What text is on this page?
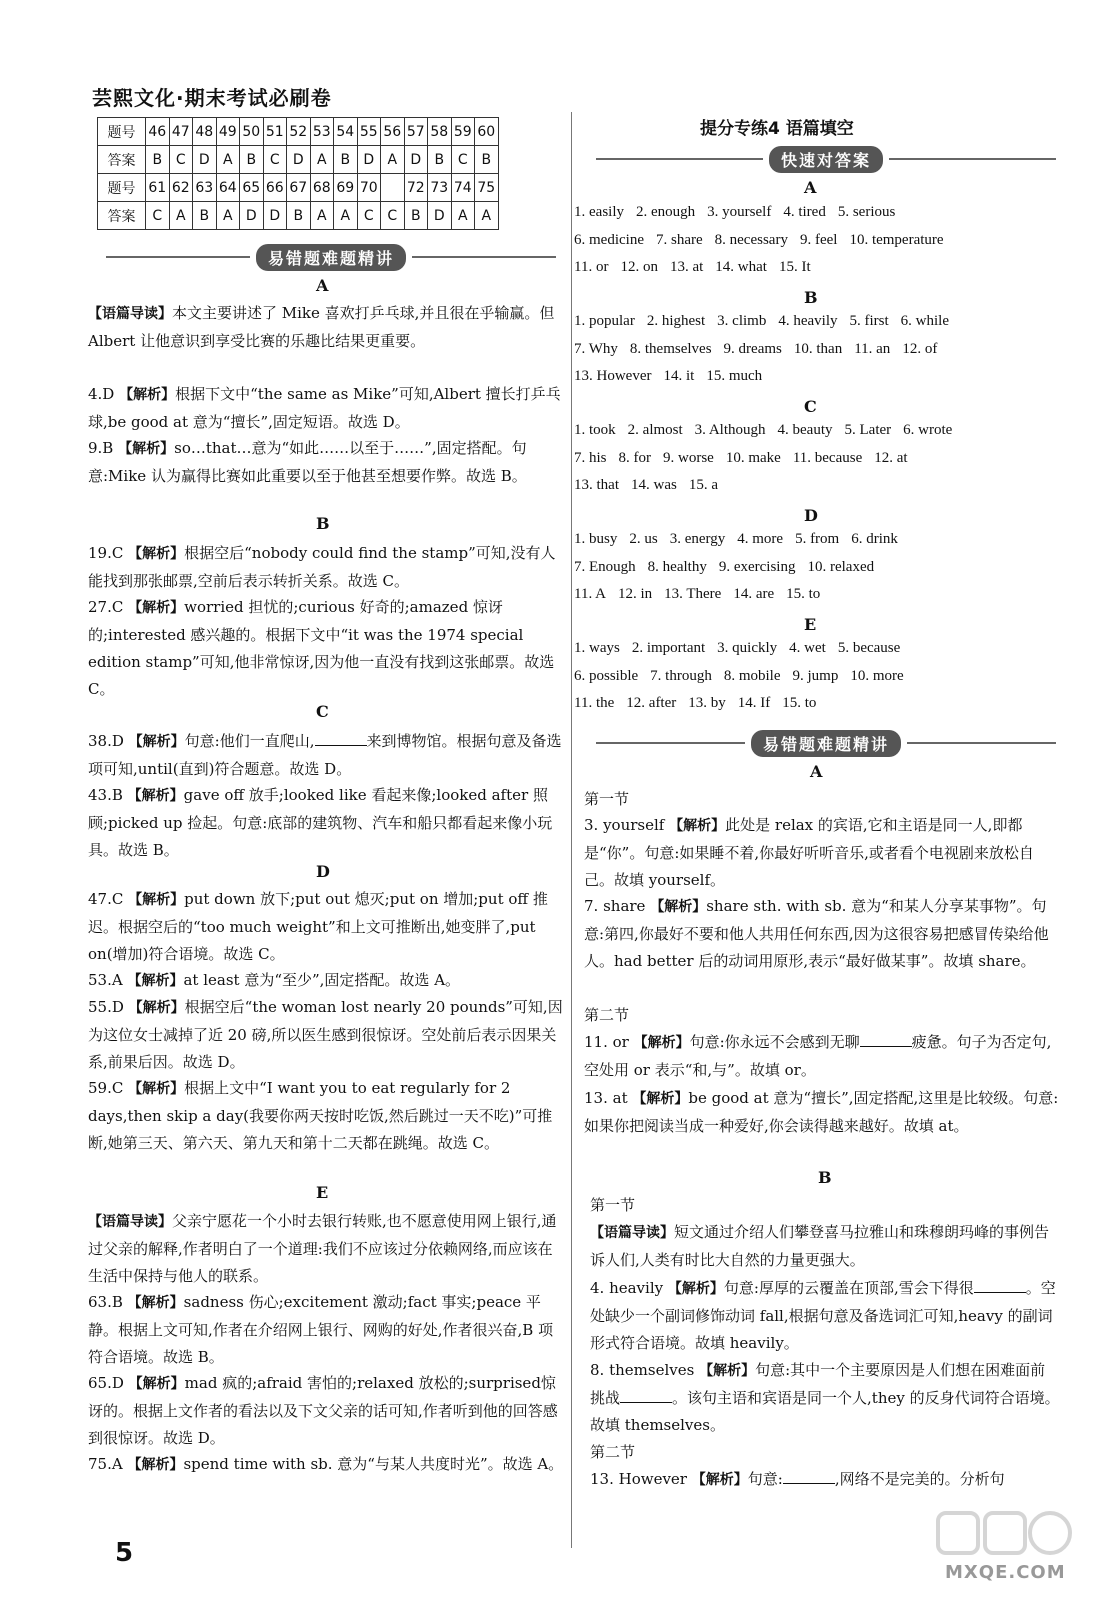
芸熙文化·期末考试必刷卷
题号	46	47	48	49	50	51	52	53	54	55	56	57	58	59	60
答案	B	C	D	A	B	C	D	A	B	D	A	D	B	C	B
题号	61	62	63	64	65	66	67	68	69	70		72	73	74	75
答案	C	A	B	A	D	D	B	A	A	C	C	B	D	A	A
易错题难题精讲
A
【语篇导读】本文主要讲述了 Mike 喜欢打乒乓球,并且很在乎输赢。但 Albert 让他意识到享受比赛的乐趣比结果更重要。
4.D 【解析】根据下文中“the same as Mike”可知,Albert 擅长打乒乓球,be good at 意为“擅长”,固定短语。故选 D。
9.B 【解析】so…that…意为“如此……以至于……”,固定搭配。句意:Mike 认为赢得比赛如此重要以至于他甚至想要作弊。故选 B。
B
19.C 【解析】根据空后“nobody could find the stamp”可知,没有人能找到那张邮票,空前后表示转折关系。故选 C。
27.C 【解析】worried 担忧的;curious 好奇的;amazed 惊讶的;interested 感兴趣的。根据下文中“it was the 1974 special edition stamp”可知,他非常惊讶,因为他一直没有找到这张邮票。故选 C。
C
38.D 【解析】句意:他们一直爬山,	来到博物馆。根据句意及备选项可知,until(直到)符合题意。故选 D。
43.B 【解析】gave off 放手;looked like 看起来像;looked after 照顾;picked up 捡起。句意:底部的建筑物、汽车和船只都看起来像小玩具。故选 B。
D
47.C 【解析】put down 放下;put out 熄灭;put on 增加;put off 推迟。根据空后的“too much weight”和上文可推断出,她变胖了,put on(增加)符合语境。故选 C。
53.A 【解析】at least 意为“至少”,固定搭配。故选 A。
55.D 【解析】根据空后“the woman lost nearly 20 pounds”可知,因为这位女士减掉了近 20 磅,所以医生感到很惊讶。空处前后表示因果关系,前果后因。故选 D。
59.C 【解析】根据上文中“I want you to eat regularly for 2 days,then skip a day(我要你两天按时吃饭,然后跳过一天不吃)”可推断,她第三天、第六天、第九天和第十二天都在跳绳。故选 C。
E
【语篇导读】父亲宁愿花一个小时去银行转账,也不愿意使用网上银行,通过父亲的解释,作者明白了一个道理:我们不应该过分依赖网络,而应该在生活中保持与他人的联系。
63.B 【解析】sadness 伤心;excitement 激动;fact 事实;peace 平静。根据上文可知,作者在介绍网上银行、网购的好处,作者很兴奋,B 项符合语境。故选 B。
65.D 【解析】mad 疯的;afraid 害怕的;relaxed 放松的;surprised惊讶的。根据上文作者的看法以及下文父亲的话可知,作者听到他的回答感到很惊讶。故选 D。
75.A 【解析】spend time with sb. 意为“与某人共度时光”。故选 A。
提分专练4 语篇填空
快速对答案
A
1. easily 2. enough 3. yourself 4. tired 5. serious
6. medicine 7. share 8. necessary 9. feel 10. temperature
11. or 12. on 13. at 14. what 15. It
B
1. popular 2. highest 3. climb 4. heavily 5. first 6. while
7. Why 8. themselves 9. dreams 10. than 11. an 12. of
13. However 14. it 15. much
C
1. took 2. almost 3. Although 4. beauty 5. Later 6. wrote
7. his 8. for 9. worse 10. make 11. because 12. at
13. that 14. was 15. a
D
1. busy 2. us 3. energy 4. more 5. from 6. drink
7. Enough 8. healthy 9. exercising 10. relaxed
11. A 12. in 13. There 14. are 15. to
E
1. ways 2. important 3. quickly 4. wet 5. because
6. possible 7. through 8. mobile 9. jump 10. more
11. the 12. after 13. by 14. If 15. to
易错题难题精讲
A
第一节
3. yourself 【解析】此处是 relax 的宾语,它和主语是同一人,即都是“你”。句意:如果睡不着,你最好听听音乐,或者看个电视剧来放松自己。故填 yourself。
7. share 【解析】share sth. with sb. 意为“和某人分享某事物”。句意:第四,你最好不要和他人共用任何东西,因为这很容易把感冒传染给他人。had better 后的动词用原形,表示“最好做某事”。故填 share。
第二节
11. or 【解析】句意:你永远不会感到无聊	疲惫。句子为否定句,空处用 or 表示“和,与”。故填 or。
13. at 【解析】be good at 意为“擅长”,固定搭配,这里是比较级。句意:如果你把阅读当成一种爱好,你会读得越来越好。故填 at。
B
第一节
【语篇导读】短文通过介绍人们攀登喜马拉雅山和珠穆朗玛峰的事例告诉人们,人类有时比大自然的力量更强大。
4. heavily 【解析】句意:厚厚的云覆盖在顶部,雪会下得很	。空处缺少一个副词修饰动词 fall,根据句意及备选词汇可知,heavy 的副词形式符合语境。故填 heavily。
8. themselves 【解析】句意:其中一个主要原因是人们想在困难面前挑战	。该句主语和宾语是同一个人,they 的反身代词符合语境。故填 themselves。
第二节
13. However 【解析】句意:	,网络不是完美的。分析句
5
MXQE.COM
